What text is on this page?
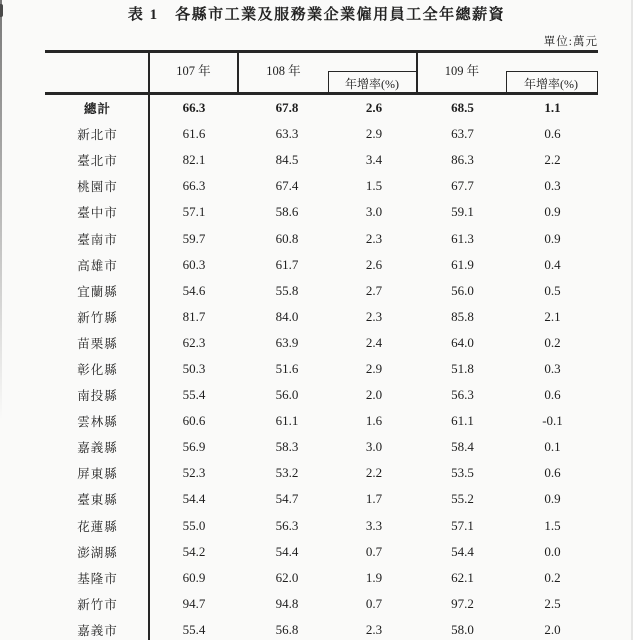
表 1　各縣市工業及服務業企業僱用員工全年總薪資
單位:萬元
107 年	108 年
年增率(%)
109 年
年增率(%)
總計	66.3	67.8	2.6	68.5	1.1
新北市	61.6	63.3	2.9	63.7	0.6
臺北市	82.1	84.5	3.4	86.3	2.2
桃園市	66.3	67.4	1.5	67.7	0.3
臺中市	57.1	58.6	3.0	59.1	0.9
臺南市	59.7	60.8	2.3	61.3	0.9
高雄市	60.3	61.7	2.6	61.9	0.4
宜蘭縣	54.6	55.8	2.7	56.0	0.5
新竹縣	81.7	84.0	2.3	85.8	2.1
苗栗縣	62.3	63.9	2.4	64.0	0.2
彰化縣	50.3	51.6	2.9	51.8	0.3
南投縣	55.4	56.0	2.0	56.3	0.6
雲林縣	60.6	61.1	1.6	61.1	-0.1
嘉義縣	56.9	58.3	3.0	58.4	0.1
屏東縣	52.3	53.2	2.2	53.5	0.6
臺東縣	54.4	54.7	1.7	55.2	0.9
花蓮縣	55.0	56.3	3.3	57.1	1.5
澎湖縣	54.2	54.4	0.7	54.4	0.0
基隆市	60.9	62.0	1.9	62.1	0.2
新竹市	94.7	94.8	0.7	97.2	2.5
嘉義市	55.4	56.8	2.3	58.0	2.0
